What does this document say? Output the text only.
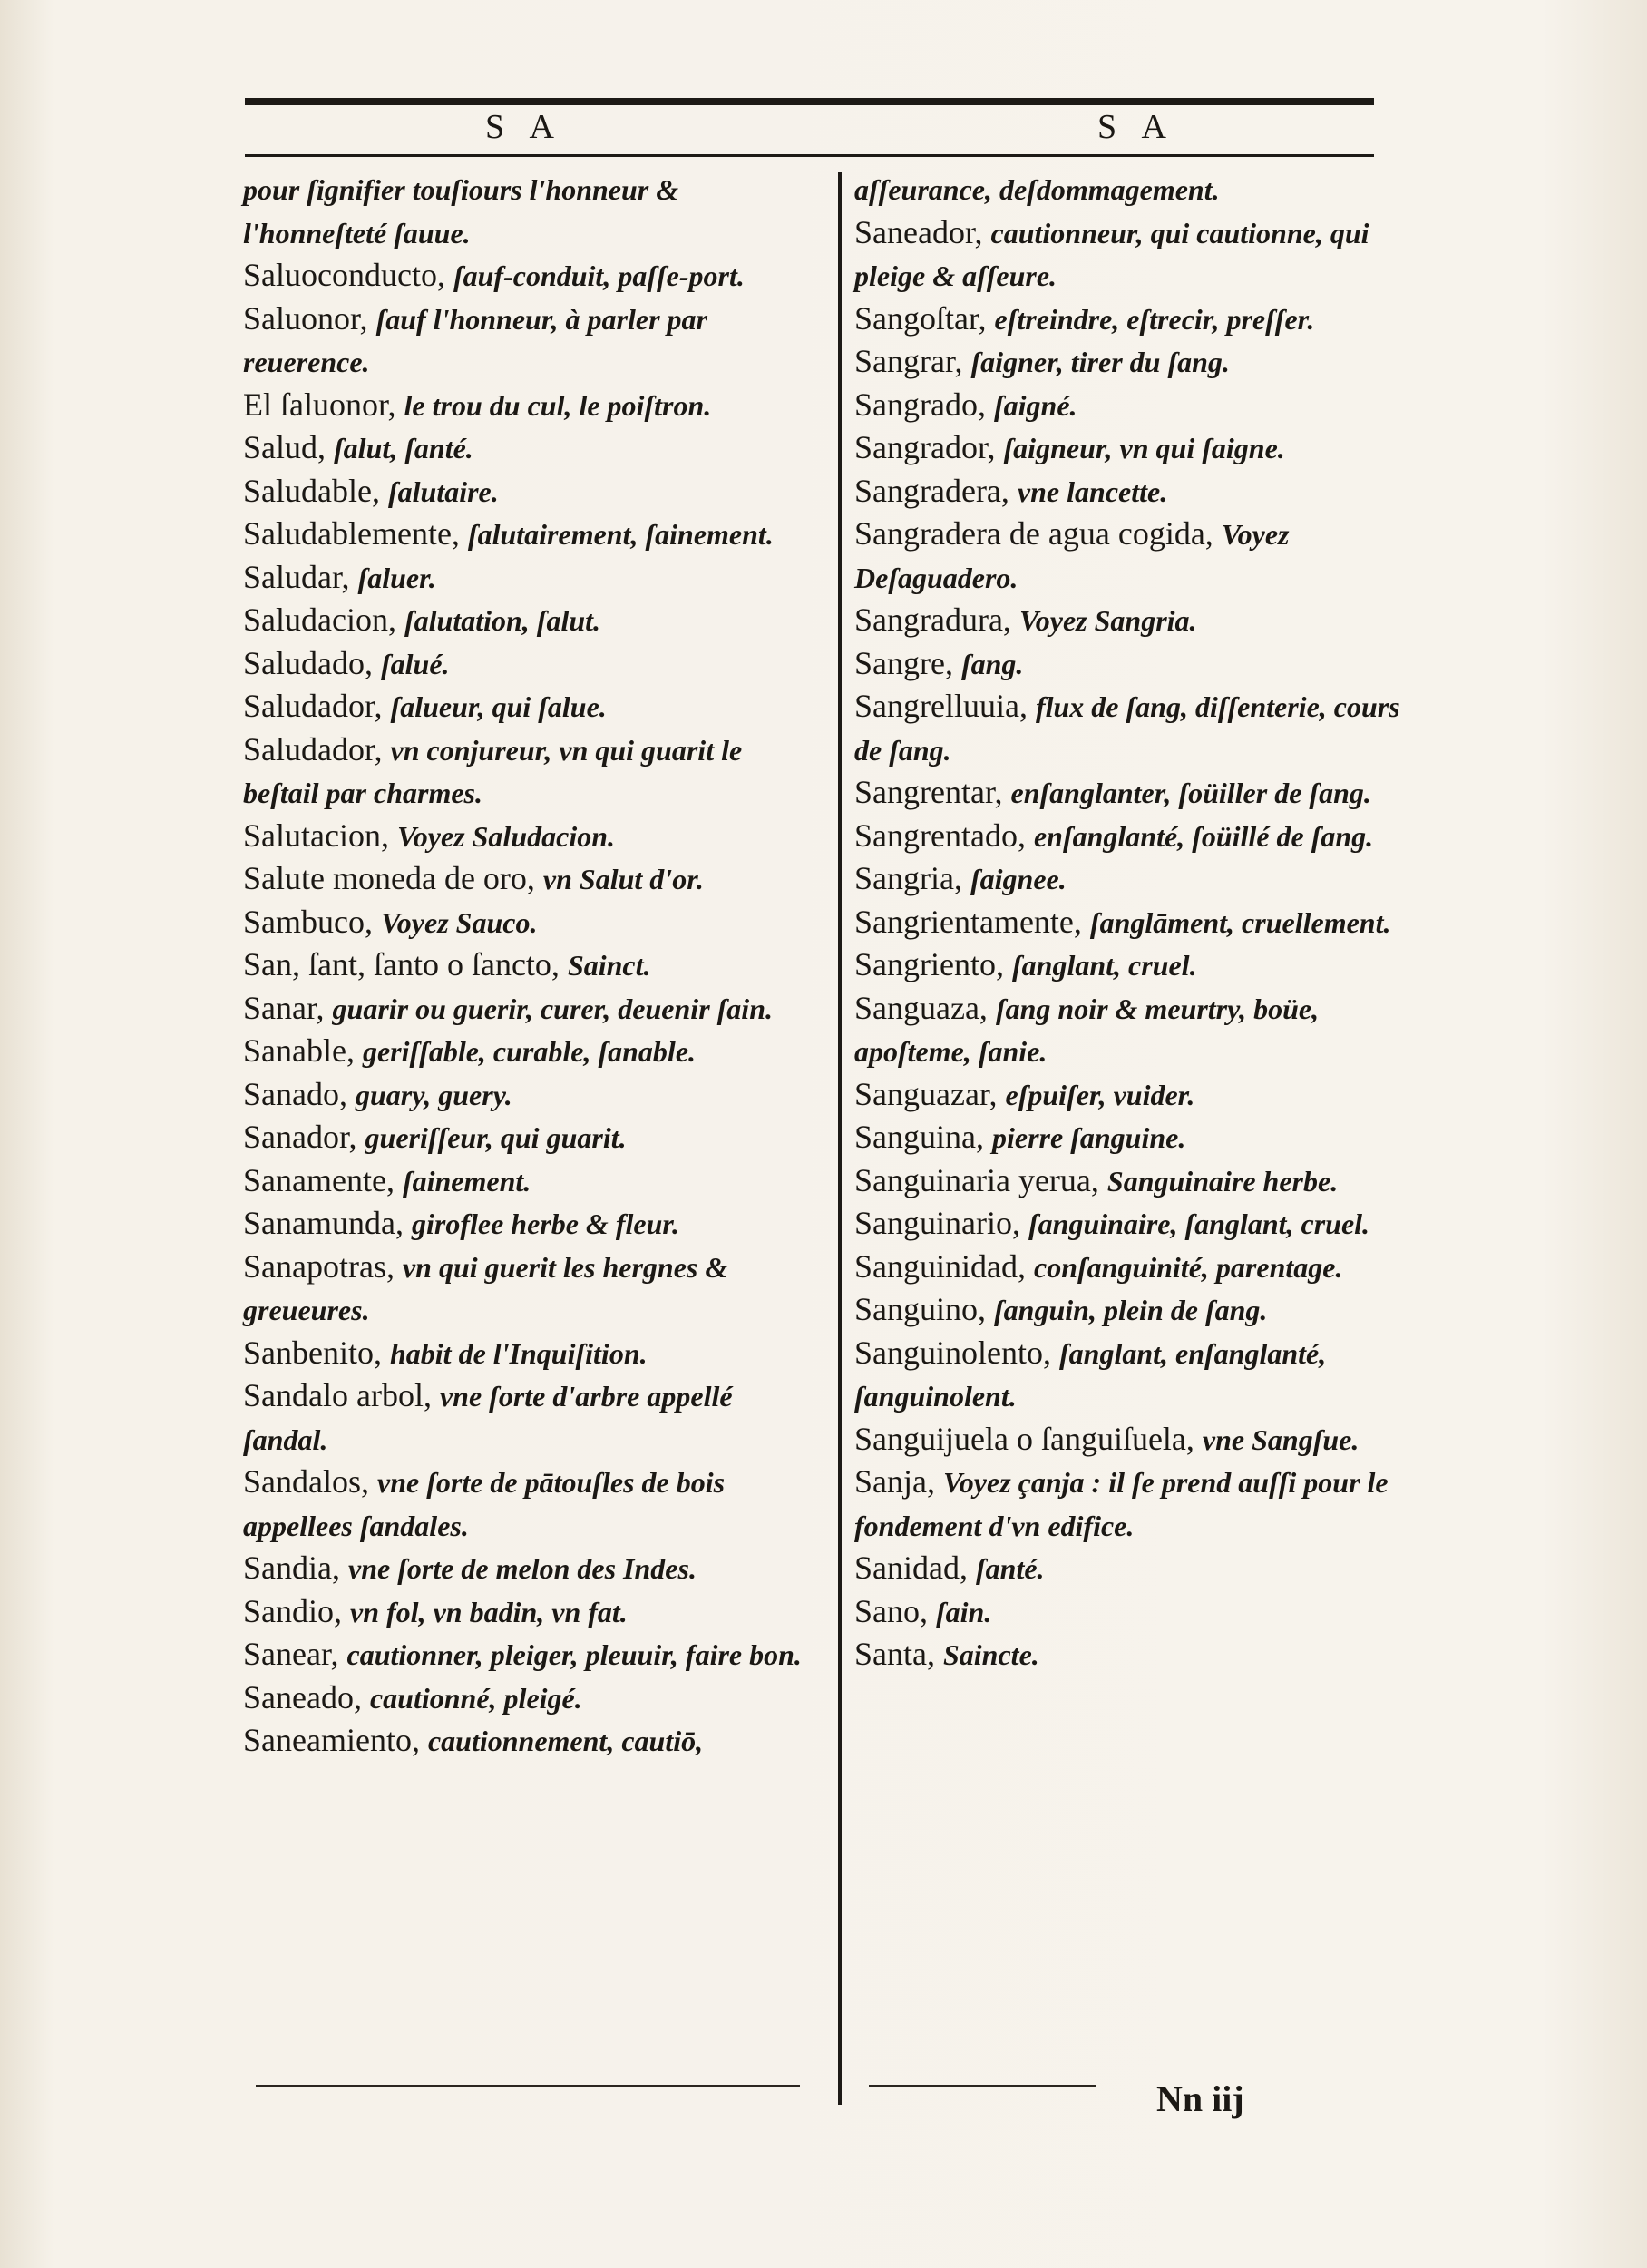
S A	S A

pour ſignifier touſiours l'honneur & l'honneſteté ſauue.

Saluoconducto, ſauf-conduit, paſſe-port.

Saluonor, ſauf l'honneur, à parler par reuerence.

El ſaluonor, le trou du cul, le poiſtron.

Salud, ſalut, ſanté.

Saludable, ſalutaire.

Saludablemente, ſalutairement, ſainement.

Saludar, ſaluer.

Saludacion, ſalutation, ſalut.

Saludado, ſalué.

Saludador, ſalueur, qui ſalue.

Saludador, vn conjureur, vn qui guarit le beſtail par charmes.

Salutacion, Voyez Saludacion.

Salute moneda de oro, vn Salut d'or.

Sambuco, Voyez Sauco.

San, ſant, ſanto o ſancto, Sainct.

Sanar, guarir ou guerir, curer, deuenir ſain.

Sanable, geriſſable, curable, ſanable.

Sanado, guary, guery.

Sanador, gueriſſeur, qui guarit.

Sanamente, ſainement.

Sanamunda, giroflee herbe & fleur.

Sanapotras, vn qui guerit les hergnes & greueures.

Sanbenito, habit de l'Inquiſition.

Sandalo arbol, vne ſorte d'arbre appellé ſandal.

Sandalos, vne ſorte de pātouſles de bois appellees ſandales.

Sandia, vne ſorte de melon des Indes.

Sandio, vn fol, vn badin, vn fat.

Sanear, cautionner, pleiger, pleuuir, faire bon.

Saneado, cautionné, pleigé.

Saneamiento, cautionnement, cautiō,

aſſeurance, deſdommagement.

Saneador, cautionneur, qui cautionne, qui pleige & aſſeure.

Sangoſtar, eſtreindre, eſtrecir, preſſer.

Sangrar, ſaigner, tirer du ſang.

Sangrado, ſaigné.

Sangrador, ſaigneur, vn qui ſaigne.

Sangradera, vne lancette.

Sangradera de agua cogida, Voyez Deſaguadero.

Sangradura, Voyez Sangria.

Sangre, ſang.

Sangrelluuia, flux de ſang, diſſenterie, cours de ſang.

Sangrentar, enſanglanter, ſoüiller de ſang.

Sangrentado, enſanglanté, ſoüillé de ſang.

Sangria, ſaignee.

Sangrientamente, ſanglāment, cruellement.

Sangriento, ſanglant, cruel.

Sanguaza, ſang noir & meurtry, boüe, apoſteme, ſanie.

Sanguazar, eſpuiſer, vuider.

Sanguina, pierre ſanguine.

Sanguinaria yerua, Sanguinaire herbe.

Sanguinario, ſanguinaire, ſanglant, cruel.

Sanguinidad, conſanguinité, parentage.

Sanguino, ſanguin, plein de ſang.

Sanguinolento, ſanglant, enſanglanté, ſanguinolent.

Sanguijuela o ſanguiſuela, vne Sangſue.

Sanja, Voyez çanja : il ſe prend auſſi pour le fondement d'vn edifice.

Sanidad, ſanté.

Sano, ſain.

Santa, Saincte.

Nn iij
